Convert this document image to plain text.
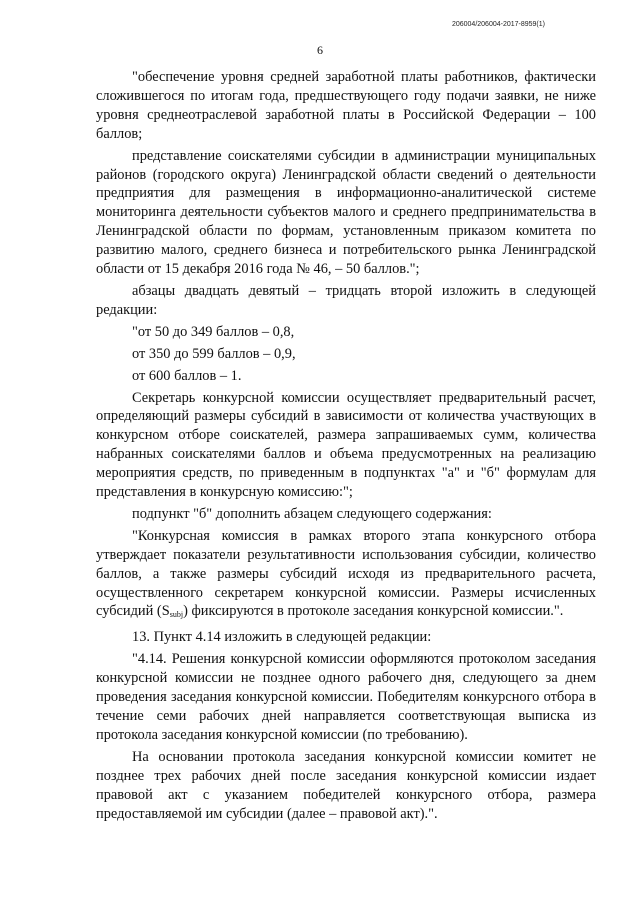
206004/206004-2017-8959(1)
6

"обеспечение уровня средней заработной платы работников, фактически сложившегося по итогам года, предшествующего году подачи заявки, не ниже уровня среднеотраслевой заработной платы в Российской Федерации – 100 баллов;

представление соискателями субсидии в администрации муниципальных районов (городского округа) Ленинградской области сведений о деятельности предприятия для размещения в информационно-аналитической системе мониторинга деятельности субъектов малого и среднего предпринимательства в Ленинградской области по формам, установленным приказом комитета по развитию малого, среднего бизнеса и потребительского рынка Ленинградской области от 15 декабря 2016 года № 46, – 50 баллов.";

абзацы двадцать девятый – тридцать второй изложить в следующей редакции:

"от 50 до 349 баллов – 0,8,

от 350 до 599 баллов – 0,9,

от 600 баллов – 1.

Секретарь конкурсной комиссии осуществляет предварительный расчет, определяющий размеры субсидий в зависимости от количества участвующих в конкурсном отборе соискателей, размера запрашиваемых сумм, количества набранных соискателями баллов и объема предусмотренных на реализацию мероприятия средств, по приведенным в подпунктах "а" и "б" формулам для представления в конкурсную комиссию:";

подпункт "б" дополнить абзацем следующего содержания:

"Конкурсная комиссия в рамках второго этапа конкурсного отбора утверждает показатели результативности использования субсидии, количество баллов, а также размеры субсидий исходя из предварительного расчета, осуществленного секретарем конкурсной комиссии. Размеры исчисленных субсидий $(S_{subj})$ фиксируются в протоколе заседания конкурсной комиссии.".

13. Пункт 4.14 изложить в следующей редакции:

"4.14. Решения конкурсной комиссии оформляются протоколом заседания конкурсной комиссии не позднее одного рабочего дня, следующего за днем проведения заседания конкурсной комиссии. Победителям конкурсного отбора в течение семи рабочих дней направляется соответствующая выписка из протокола заседания конкурсной комиссии (по требованию).

На основании протокола заседания конкурсной комиссии комитет не позднее трех рабочих дней после заседания конкурсной комиссии издает правовой акт с указанием победителей конкурсного отбора, размера предоставляемой им субсидии (далее – правовой акт).".
